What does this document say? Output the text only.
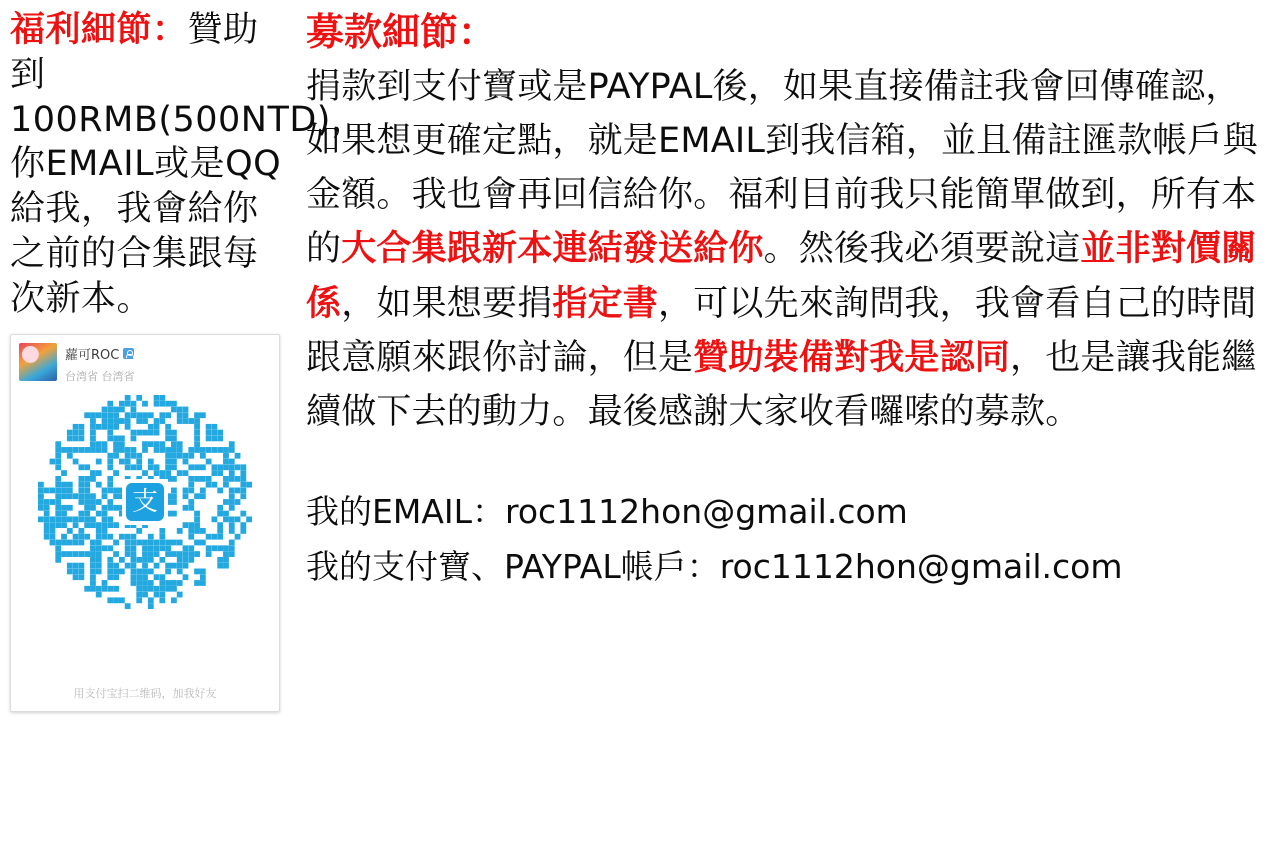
福利細節：贊助到100RMB(500NTD)，你EMAIL或是QQ給我，我會給你之前的合集跟每次新本。
蘿可ROC
台湾省 台湾省
支
用支付宝扫二维码，加我好友
募款細節：
捐款到支付寶或是PAYPAL後，如果直接備註我會回傳確認，如果想更確定點，就是EMAIL到我信箱，並且備註匯款帳戶與金額。我也會再回信給你。福利目前我只能簡單做到，所有本的大合集跟新本連結發送給你。然後我必須要說這並非對價關係，如果想要捐指定書，可以先來詢問我，我會看自己的時間跟意願來跟你討論，但是贊助裝備對我是認同，也是讓我能繼續做下去的動力。最後感謝大家收看囉嗦的募款。
我的EMAIL：roc1112hon@gmail.com
我的支付寶、PAYPAL帳戶：roc1112hon@gmail.com
